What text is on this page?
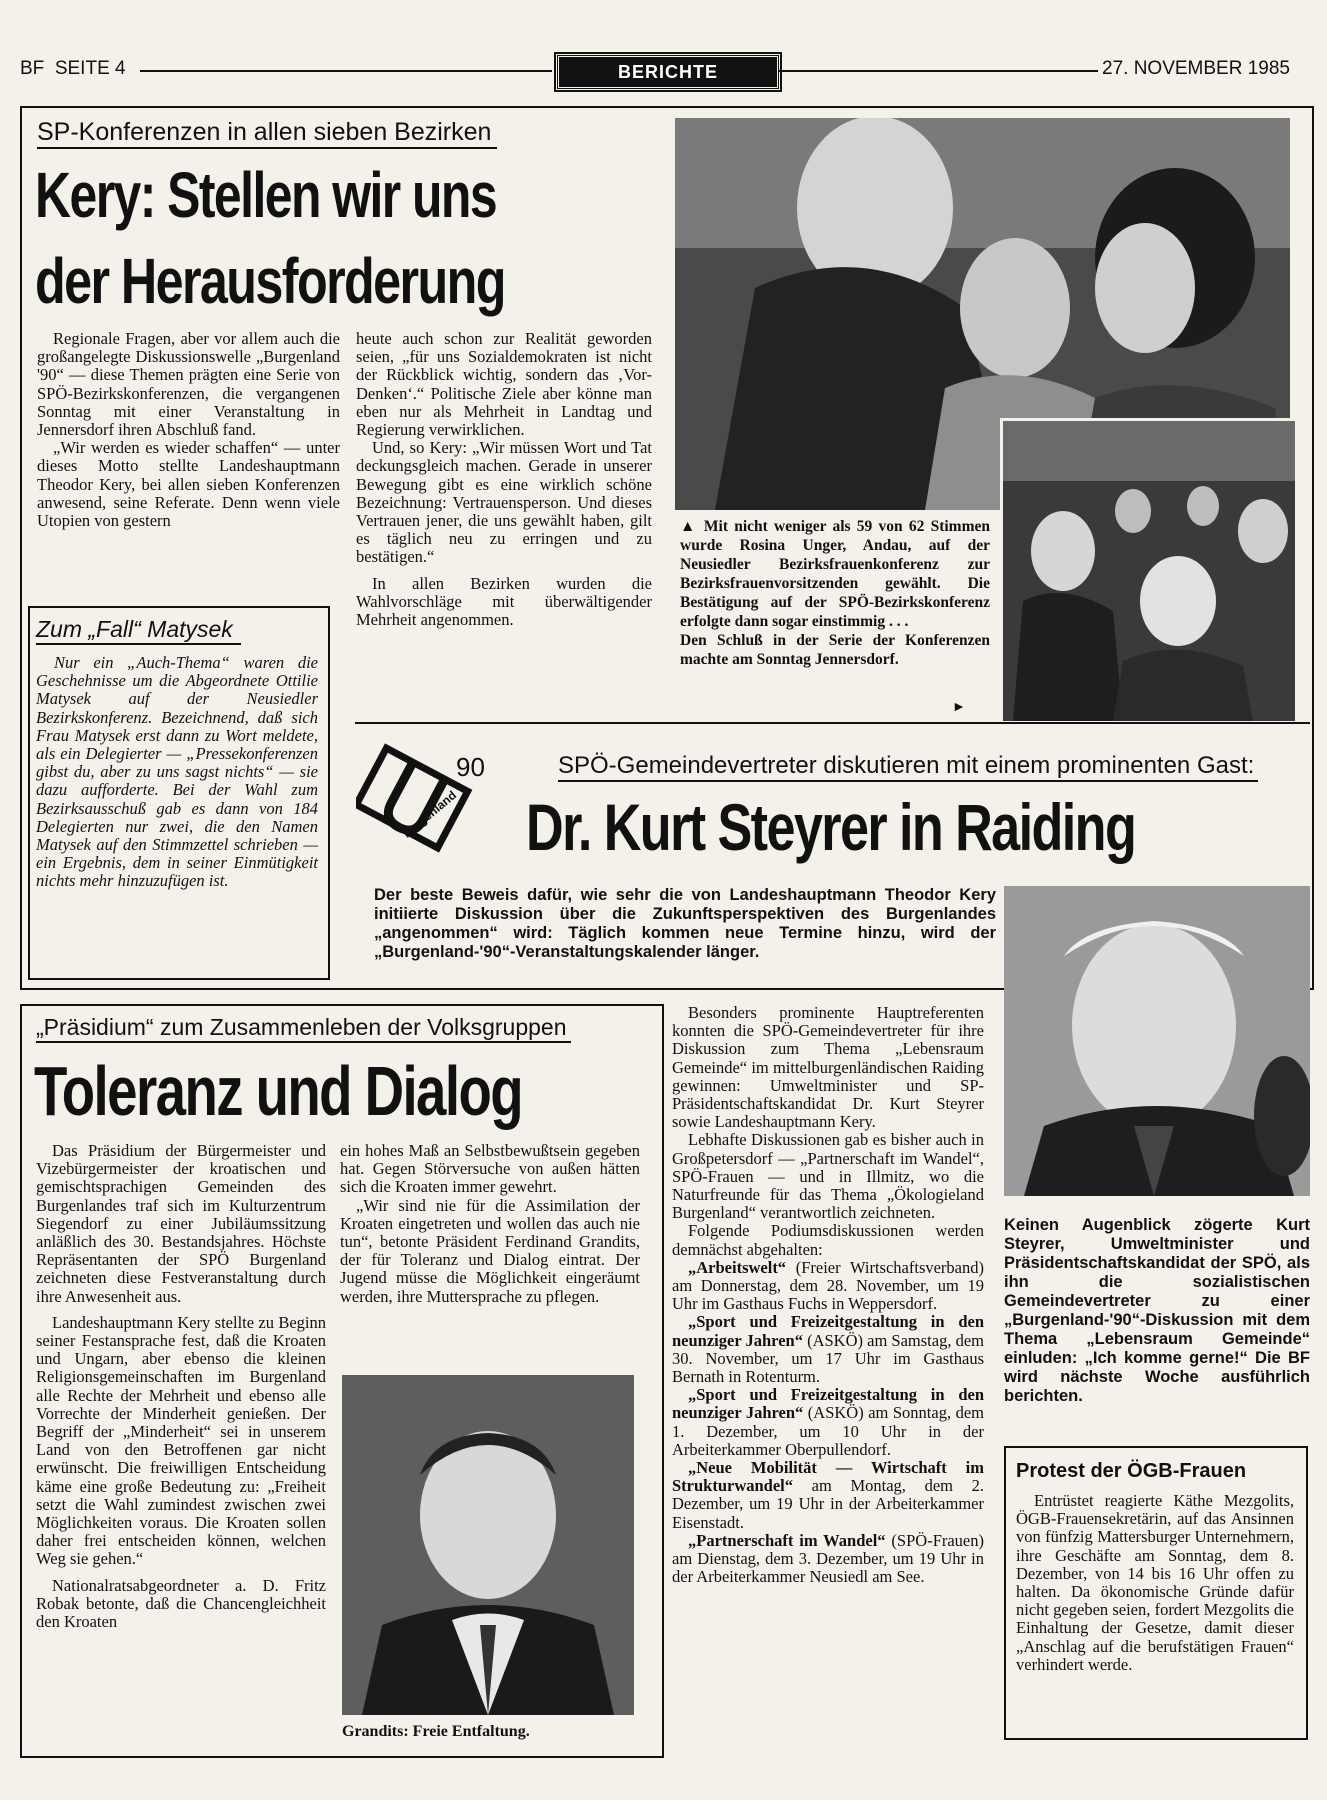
BF  SEITE 4	BERICHTE	27. NOVEMBER 1985
SP-Konferenzen in allen sieben Bezirken
Kery: Stellen wir uns
der Herausforderung

Regionale Fragen, aber vor allem auch die großangelegte Diskussionswelle „Burgenland '90“ — diese Themen prägten eine Serie von SPÖ-Bezirkskonferenzen, die vergangenen Sonntag mit einer Veranstaltung in Jennersdorf ihren Abschluß fand.

„Wir werden es wieder schaffen“ — unter dieses Motto stellte Landeshauptmann Theodor Kery, bei allen sieben Konferenzen anwesend, seine Referate. Denn wenn viele Utopien von gestern

heute auch schon zur Realität geworden seien, „für uns Sozialdemokraten ist nicht der Rückblick wichtig, sondern das ‚Vor-Denken‘.“ Politische Ziele aber könne man eben nur als Mehrheit in Landtag und Regierung verwirklichen.

Und, so Kery: „Wir müssen Wort und Tat deckungsgleich machen. Gerade in unserer Bewegung gibt es eine wirklich schöne Bezeichnung: Vertrauensperson. Und dieses Vertrauen jener, die uns gewählt haben, gilt es täglich neu zu erringen und zu bestätigen.“

In allen Bezirken wurden die Wahlvorschläge mit überwältigender Mehrheit angenommen.

▲ Mit nicht weniger als 59 von 62 Stimmen wurde Rosina Unger, Andau, auf der Neusiedler Bezirksfrauenkonferenz zur Bezirksfrauenvorsitzenden gewählt. Die Bestätigung auf der SPÖ-Bezirkskonferenz erfolgte dann sogar einstimmig . . .
Den Schluß in der Serie der Konferenzen machte am Sonntag Jennersdorf.
►
Zum „Fall“ Matysek
Nur ein „Auch-Thema“ waren die Geschehnisse um die Abgeordnete Ottilie Matysek auf der Neusiedler Bezirkskonferenz. Bezeichnend, daß sich Frau Matysek erst dann zu Wort meldete, als ein Delegierter — „Pressekonferenzen gibst du, aber zu uns sagst nichts“ — sie dazu aufforderte. Bei der Wahl zum Bezirksausschuß gab es dann von 184 Delegierten nur zwei, die den Namen Matysek auf den Stimmzettel schrieben — ein Ergebnis, dem in seiner Einmütigkeit nichts mehr hinzuzufügen ist.
90
burgenland
SPÖ-Gemeindevertreter diskutieren mit einem prominenten Gast:
Dr. Kurt Steyrer in Raiding
Der beste Beweis dafür, wie sehr die von Landeshauptmann Theodor Kery initiierte Diskussion über die Zukunftsperspektiven des Burgenlandes „angenommen“ wird: Täglich kommen neue Termine hinzu, wird der „Burgenland-'90“-Veranstaltungskalender länger.
Keinen Augenblick zögerte Kurt Steyrer, Umweltminister und Präsidentschaftskandidat der SPÖ, als ihn die sozialistischen Gemeindevertreter zu einer „Burgenland-'90“-Diskussion mit dem Thema „Lebensraum Gemeinde“ einluden: „Ich komme gerne!“ Die BF wird nächste Woche ausführlich berichten.

Besonders prominente Hauptreferenten konnten die SPÖ-Gemeindevertreter für ihre Diskussion zum Thema „Lebensraum Gemeinde“ im mittelburgenländischen Raiding gewinnen: Umweltminister und SP-Präsidentschaftskandidat Dr. Kurt Steyrer sowie Landeshauptmann Kery.

Lebhafte Diskussionen gab es bisher auch in Großpetersdorf — „Partnerschaft im Wandel“, SPÖ-Frauen — und in Illmitz, wo die Naturfreunde für das Thema „Ökologieland Burgenland“ verantwortlich zeichneten.

Folgende Podiumsdiskussionen werden demnächst abgehalten:

„Arbeitswelt“ (Freier Wirtschaftsverband) am Donnerstag, dem 28. November, um 19 Uhr im Gasthaus Fuchs in Weppersdorf.

„Sport und Freizeitgestaltung in den neunziger Jahren“ (ASKÖ) am Samstag, dem 30. November, um 17 Uhr im Gasthaus Bernath in Rotenturm.

„Sport und Freizeitgestaltung in den neunziger Jahren“ (ASKÖ) am Sonntag, dem 1. Dezember, um 10 Uhr in der Arbeiterkammer Oberpullendorf.

„Neue Mobilität — Wirtschaft im Strukturwandel“ am Montag, dem 2. Dezember, um 19 Uhr in der Arbeiterkammer Eisenstadt.

„Partnerschaft im Wandel“ (SPÖ-Frauen) am Dienstag, dem 3. Dezember, um 19 Uhr in der Arbeiterkammer Neusiedl am See.

„Präsidium“ zum Zusammenleben der Volksgruppen
Toleranz und Dialog

Das Präsidium der Bürgermeister und Vizebürgermeister der kroatischen und gemischtsprachigen Gemeinden des Burgenlandes traf sich im Kulturzentrum Siegendorf zu einer Jubiläumssitzung anläßlich des 30. Bestandsjahres. Höchste Repräsentanten der SPÖ Burgenland zeichneten diese Festveranstaltung durch ihre Anwesenheit aus.

Landeshauptmann Kery stellte zu Beginn seiner Festansprache fest, daß die Kroaten und Ungarn, aber ebenso die kleinen Religionsgemeinschaften im Burgenland alle Rechte der Mehrheit und ebenso alle Vorrechte der Minderheit genießen. Der Begriff der „Minderheit“ sei in unserem Land von den Betroffenen gar nicht erwünscht. Die freiwilligen Entscheidung käme eine große Bedeutung zu: „Freiheit setzt die Wahl zumindest zwischen zwei Möglichkeiten voraus. Die Kroaten sollen daher frei entscheiden können, welchen Weg sie gehen.“

Nationalratsabgeordneter a. D. Fritz Robak betonte, daß die Chancengleichheit den Kroaten

ein hohes Maß an Selbstbewußtsein gegeben hat. Gegen Störversuche von außen hätten sich die Kroaten immer gewehrt.

„Wir sind nie für die Assimilation der Kroaten eingetreten und wollen das auch nie tun“, betonte Präsident Ferdinand Grandits, der für Toleranz und Dialog eintrat. Der Jugend müsse die Möglichkeit eingeräumt werden, ihre Muttersprache zu pflegen.

Grandits: Freie Entfaltung.
Protest der ÖGB-Frauen
Entrüstet reagierte Käthe Mezgolits, ÖGB-Frauensekretärin, auf das Ansinnen von fünfzig Mattersburger Unternehmern, ihre Geschäfte am Sonntag, dem 8. Dezember, von 14 bis 16 Uhr offen zu halten. Da ökonomische Gründe dafür nicht gegeben seien, fordert Mezgolits die Einhaltung der Gesetze, damit dieser „Anschlag auf die berufstätigen Frauen“ verhindert werde.
